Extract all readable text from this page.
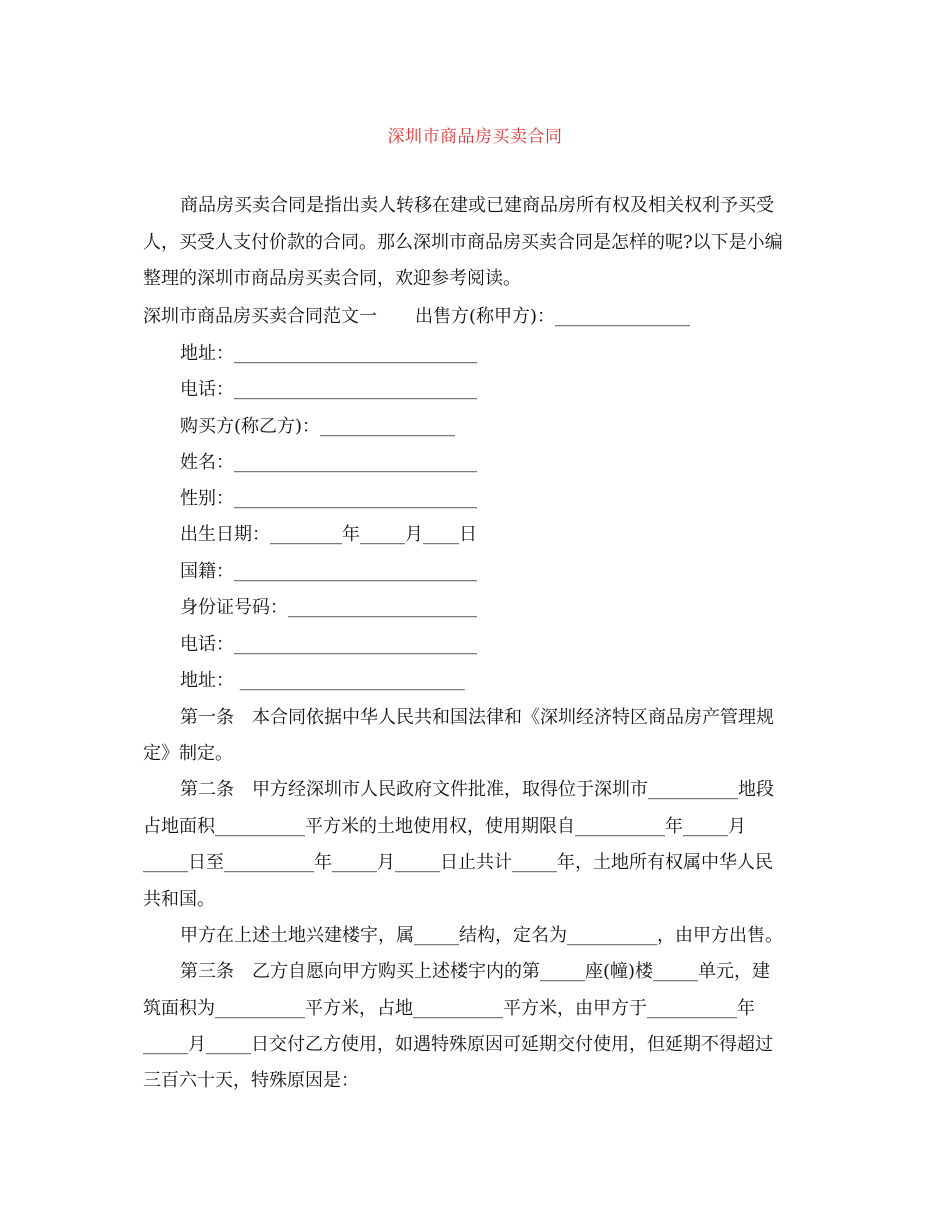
深圳市商品房买卖合同
商品房买卖合同是指出卖人转移在建或已建商品房所有权及相关权利予买受
人，买受人支付价款的合同。那么深圳市商品房买卖合同是怎样的呢?以下是小编
整理的深圳市商品房买卖合同，欢迎参考阅读。
深圳市商品房买卖合同范文一 出售方(称甲方)：_______________
地址：___________________________
电话：___________________________
购买方(称乙方)：_______________
姓名：___________________________
性别：___________________________
出生日期：________年_____月____日
国籍：___________________________
身份证号码：_____________________
电话：___________________________
地址： _________________________
第一条　本合同依据中华人民共和国法律和《深圳经济特区商品房产管理规
定》制定。
第二条　甲方经深圳市人民政府文件批准，取得位于深圳市__________地段
占地面积__________平方米的土地使用权，使用期限自__________年_____月
_____日至__________年_____月_____日止共计_____年，土地所有权属中华人民
共和国。
甲方在上述土地兴建楼宇，属_____结构，定名为__________，由甲方出售。
第三条　乙方自愿向甲方购买上述楼宇内的第_____座(幢)楼_____单元，建
筑面积为__________平方米，占地__________平方米，由甲方于__________年
_____月_____日交付乙方使用，如遇特殊原因可延期交付使用，但延期不得超过
三百六十天，特殊原因是：
